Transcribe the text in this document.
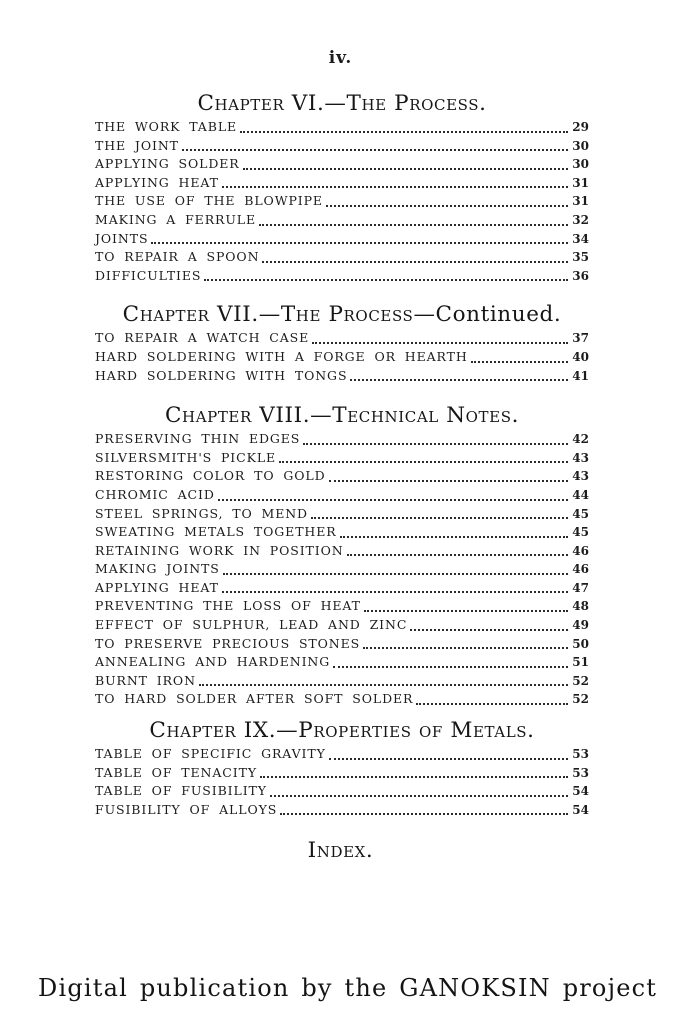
iv.
Chapter VI.—The Process.
THE WORK TABLE	29
THE JOINT	30
APPLYING SOLDER	30
APPLYING HEAT	31
THE USE OF THE BLOWPIPE	31
MAKING A FERRULE	32
JOINTS	34
TO REPAIR A SPOON	35
DIFFICULTIES	36
Chapter VII.—The Process—Continued.
TO REPAIR A WATCH CASE	37
HARD SOLDERING WITH A FORGE OR HEARTH	40
HARD SOLDERING WITH TONGS	41
Chapter VIII.—Technical Notes.
PRESERVING THIN EDGES	42
SILVERSMITH'S PICKLE	43
RESTORING COLOR TO GOLD	43
CHROMIC ACID	44
STEEL SPRINGS, TO MEND	45
SWEATING METALS TOGETHER	45
RETAINING WORK IN POSITION	46
MAKING JOINTS	46
APPLYING HEAT	47
PREVENTING THE LOSS OF HEAT	48
EFFECT OF SULPHUR, LEAD AND ZINC	49
TO PRESERVE PRECIOUS STONES	50
ANNEALING AND HARDENING	51
BURNT IRON	52
TO HARD SOLDER AFTER SOFT SOLDER	52
Chapter IX.—Properties of Metals.
TABLE OF SPECIFIC GRAVITY	53
TABLE OF TENACITY	53
TABLE OF FUSIBILITY	54
FUSIBILITY OF ALLOYS	54
Index.
Digital publication by the GANOKSIN project
